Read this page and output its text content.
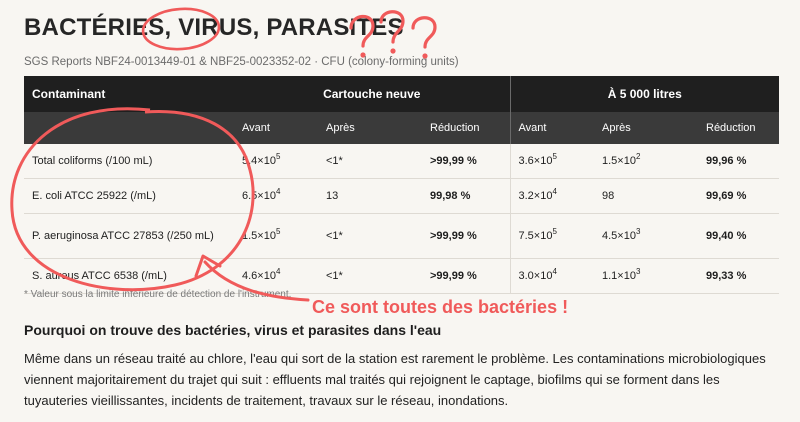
BACTÉRIES, VIRUS, PARASITES
SGS Reports NBF24-0013449-01 & NBF25-0023352-02 · CFU (colony-forming units)
Contaminant	Cartouche neuve			À 5 000 litres		
	Avant	Après	Réduction	Avant	Après	Réduction
Total coliforms (/100 mL)	$5.4\times 10^5$	<1*	>99,99 %	$3.6\times 10^5$	$1.5\times 10^2$	99,96 %
E. coli ATCC 25922 (/mL)	$6.5\times 10^4$	13	99,98 %	$3.2\times 10^4$	98	99,69 %
P. aeruginosa ATCC 27853 (/250 mL)	$1.5\times 10^5$	<1*	>99,99 %	$7.5\times 10^5$	$4.5\times 10^3$	99,40 %
S. aureus ATCC 6538 (/mL)	$4.6\times 10^4$	<1*	>99,99 %	$3.0\times 10^4$	$1.1\times 10^3$	99,33 %
* Valeur sous la limite inférieure de détection de l'instrument.
Ce sont toutes des bactéries !
Pourquoi on trouve des bactéries, virus et parasites dans l'eau
Même dans un réseau traité au chlore, l'eau qui sort de la station est rarement le problème. Les contaminations microbiologiques viennent majoritairement du trajet qui suit : effluents mal traités qui rejoignent le captage, biofilms qui se forment dans les tuyauteries vieillissantes, incidents de traitement, travaux sur le réseau, inondations.
